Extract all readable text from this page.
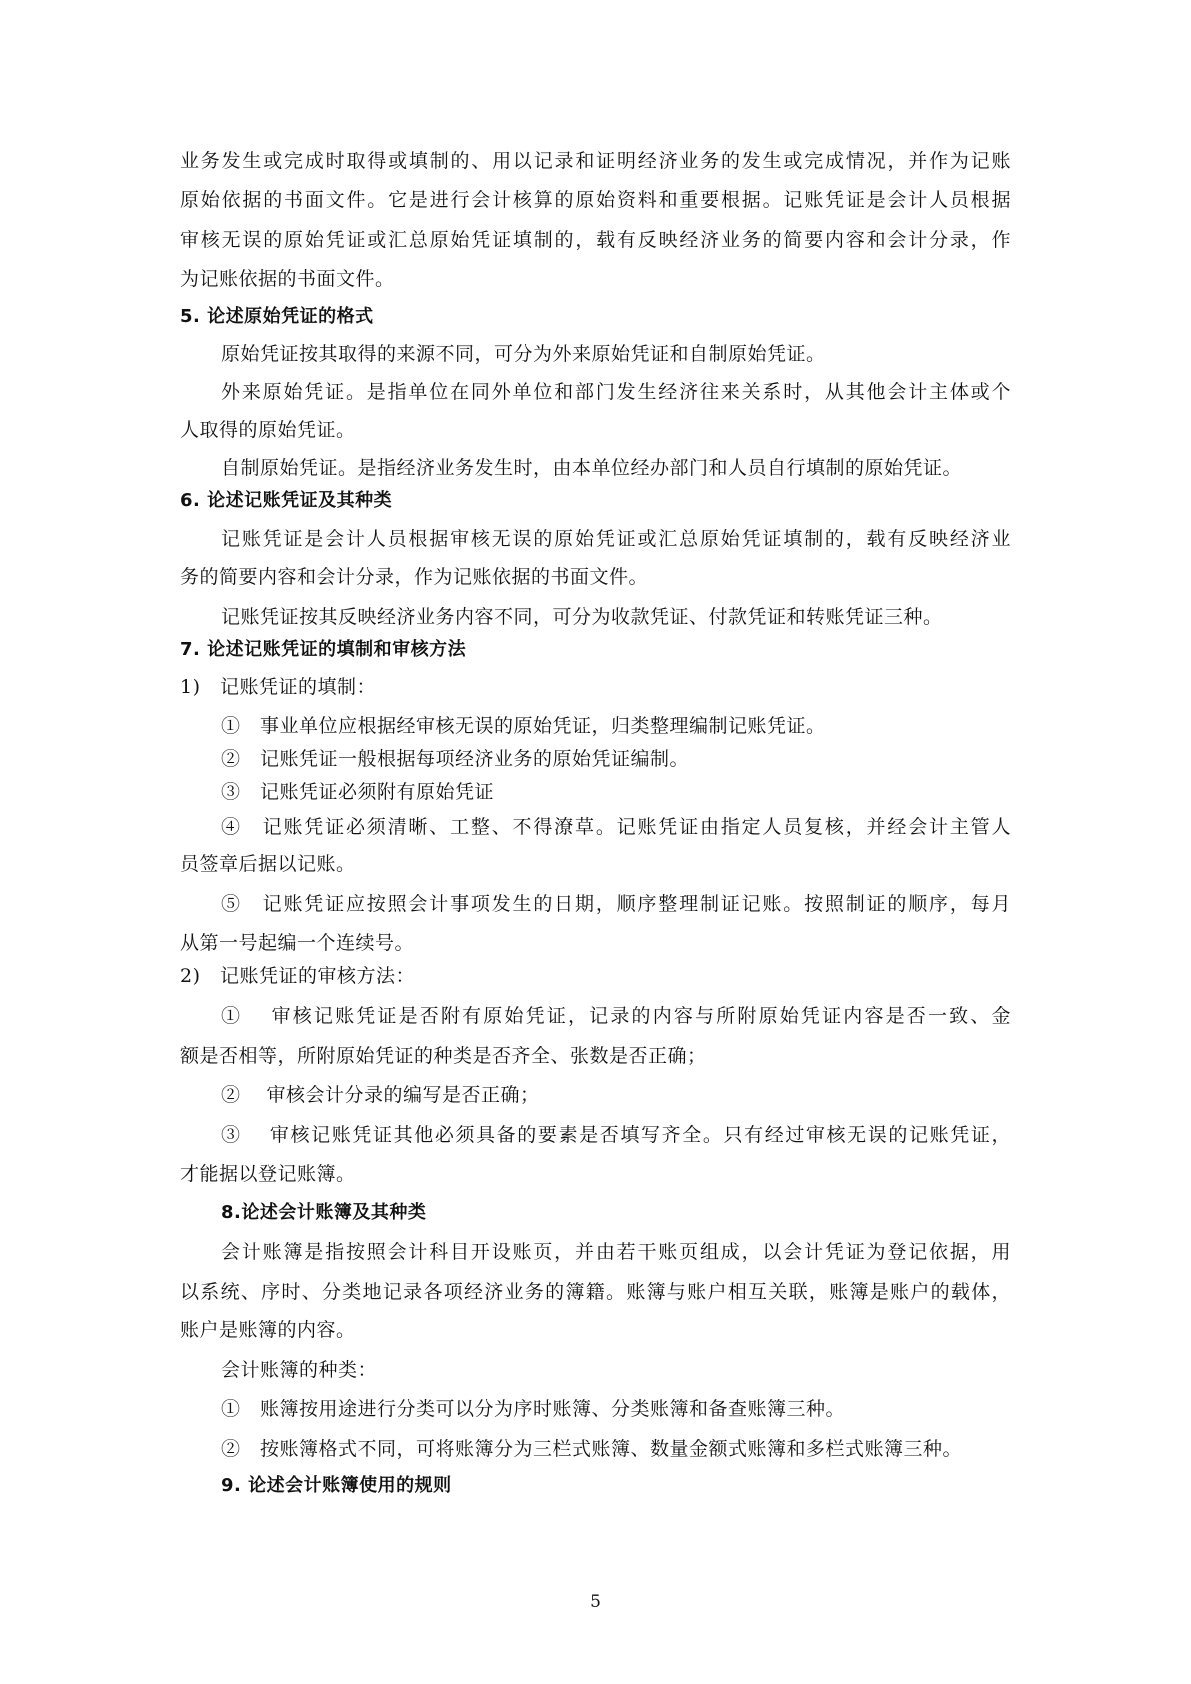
业务发生或完成时取得或填制的、用以记录和证明经济业务的发生或完成情况，并作为记账
原始依据的书面文件。它是进行会计核算的原始资料和重要根据。记账凭证是会计人员根据
审核无误的原始凭证或汇总原始凭证填制的，载有反映经济业务的简要内容和会计分录，作
为记账依据的书面文件。
5. 论述原始凭证的格式
原始凭证按其取得的来源不同，可分为外来原始凭证和自制原始凭证。
外来原始凭证。是指单位在同外单位和部门发生经济往来关系时，从其他会计主体或个
人取得的原始凭证。
自制原始凭证。是指经济业务发生时，由本单位经办部门和人员自行填制的原始凭证。
6. 论述记账凭证及其种类
记账凭证是会计人员根据审核无误的原始凭证或汇总原始凭证填制的，载有反映经济业
务的简要内容和会计分录，作为记账依据的书面文件。
记账凭证按其反映经济业务内容不同，可分为收款凭证、付款凭证和转账凭证三种。
7. 论述记账凭证的填制和审核方法
1)　记账凭证的填制：
①　事业单位应根据经审核无误的原始凭证，归类整理编制记账凭证。
②　记账凭证一般根据每项经济业务的原始凭证编制。
③　记账凭证必须附有原始凭证
④　记账凭证必须清晰、工整、不得潦草。记账凭证由指定人员复核，并经会计主管人
员签章后据以记账。
⑤　记账凭证应按照会计事项发生的日期，顺序整理制证记账。按照制证的顺序，每月
从第一号起编一个连续号。
2)　记账凭证的审核方法：
①　 审核记账凭证是否附有原始凭证，记录的内容与所附原始凭证内容是否一致、金
额是否相等，所附原始凭证的种类是否齐全、张数是否正确；
②　 审核会计分录的编写是否正确；
③　 审核记账凭证其他必须具备的要素是否填写齐全。只有经过审核无误的记账凭证，
才能据以登记账簿。
8.论述会计账簿及其种类
会计账簿是指按照会计科目开设账页，并由若干账页组成，以会计凭证为登记依据，用
以系统、序时、分类地记录各项经济业务的簿籍。账簿与账户相互关联，账簿是账户的载体，
账户是账簿的内容。
会计账簿的种类：
①　账簿按用途进行分类可以分为序时账簿、分类账簿和备查账簿三种。
②　按账簿格式不同，可将账簿分为三栏式账簿、数量金额式账簿和多栏式账簿三种。
5
9. 论述会计账簿使用的规则
